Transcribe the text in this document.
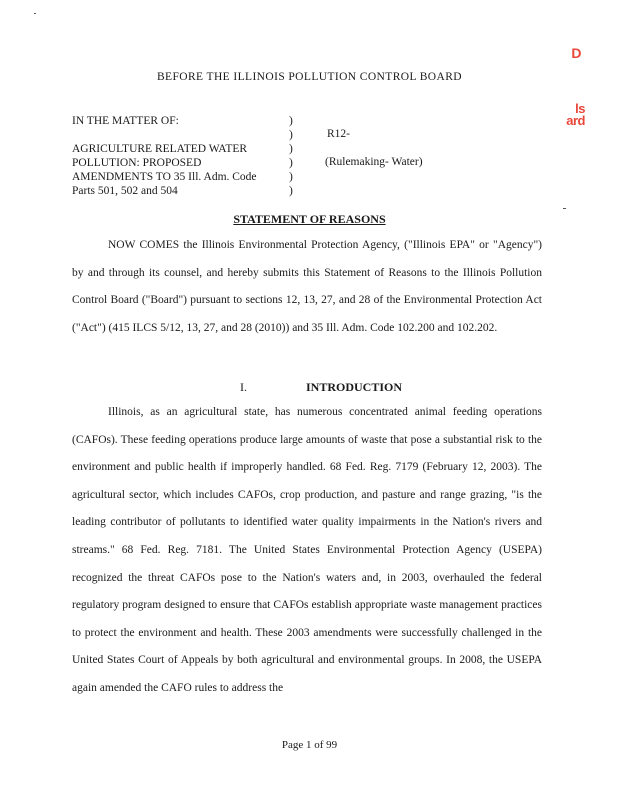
D
ls
ard
BEFORE THE ILLINOIS POLLUTION CONTROL BOARD
IN THE MATTER OF:
AGRICULTURE RELATED WATER
POLLUTION: PROPOSED
AMENDMENTS TO 35 Ill. Adm. Code
Parts 501, 502 and 504
)
)
)
)
)
)
R12-
(Rulemaking- Water)
STATEMENT OF REASONS

NOW COMES the Illinois Environmental Protection Agency, ("Illinois EPA" or "Agency") by and through its counsel, and hereby submits this Statement of Reasons to the Illinois Pollution Control Board ("Board") pursuant to sections 12, 13, 27, and 28 of the Environmental Protection Act ("Act") (415 ILCS 5/12, 13, 27, and 28 (2010)) and 35 Ill. Adm. Code 102.200 and 102.202.

I.	INTRODUCTION

Illinois, as an agricultural state, has numerous concentrated animal feeding operations (CAFOs). These feeding operations produce large amounts of waste that pose a substantial risk to the environment and public health if improperly handled. 68 Fed. Reg. 7179 (February 12, 2003). The agricultural sector, which includes CAFOs, crop production, and pasture and range grazing, "is the leading contributor of pollutants to identified water quality impairments in the Nation's rivers and streams." 68 Fed. Reg. 7181. The United States Environmental Protection Agency (USEPA) recognized the threat CAFOs pose to the Nation's waters and, in 2003, overhauled the federal regulatory program designed to ensure that CAFOs establish appropriate waste management practices to protect the environment and health. These 2003 amendments were successfully challenged in the United States Court of Appeals by both agricultural and environmental groups. In 2008, the USEPA again amended the CAFO rules to address the

Page 1 of 99
